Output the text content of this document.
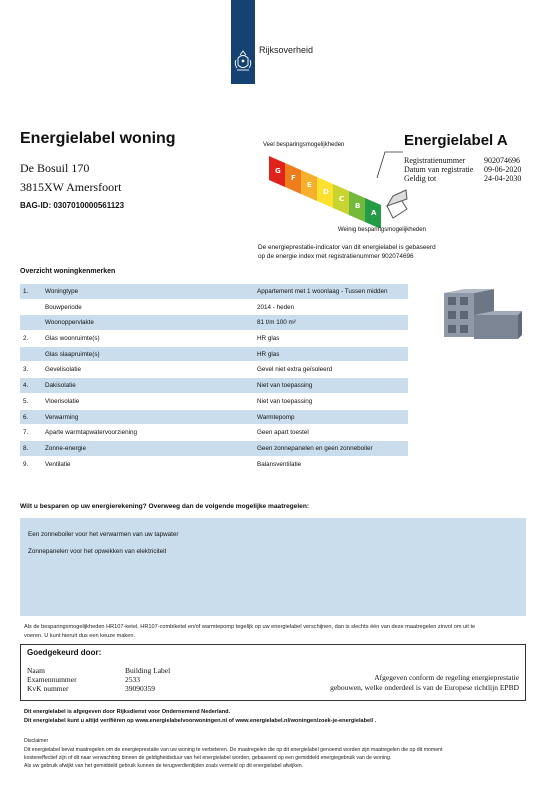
Rijksoverheid
Energielabel woning
De Bosuil 170
3815XW Amersfoort
BAG-ID: 0307010000561123
Veel besparingsmogelijkheden
G
F
E
D
C
B
A
Weinig besparingsmogelijkheden
Energielabel A
Registratienummer 902074696
Datum van registratie 09-06-2020
Geldig tot	24-04-2030
De energieprestatie-indicator van dit energielabel is gebaseerd
op de energie index met registratienummer 902074696
Overzicht woningkenmerken
1.	Woningtype	Appartement met 1 woonlaag - Tussen midden
Bouwperiode	2014 - heden
Woonoppervlakte	81 t/m 100 m²
2.	Glas woonruimte(s)	HR glas
Glas slaapruimte(s)	HR glas
3.	Gevelisolatie	Gevel niet extra geïsoleerd
4.	Dakisolatie	Niet van toepassing
5.	Vloerisolatie	Niet van toepassing
6.	Verwarming	Warmtepomp
7.	Aparte warmtapwatervoorziening	Geen apart toestel
8.	Zonne-energie	Geen zonnepanelen en geen zonneboiler
9.	Ventilatie	Balansventilatie
Wilt u besparen op uw energierekening? Overweeg dan de volgende mogelijke maatregelen:
Een zonneboiler voor het verwarmen van uw tapwater
Zonnepanelen voor het opwekken van elektriciteit
Als de besparingsmogelijkheden HR107-ketel, HR107-combiketel en/of warmtepomp tegelijk op uw energielabel verschijnen, dan is slechts één van deze maatregelen zinvol om uit te
voeren. U kunt hieruit dus een keuze maken.
Goedgekeurd door:
Naam	Building Label
Examennummer	2533
KvK nummer	39090359
Afgegeven conform de regeling energieprestatie
gebouwen, welke onderdeel is van de Europese richtlijn EPBD
Dit energielabel is afgegeven door Rijksdienst voor Ondernemend Nederland.
Dit energielabel kunt u altijd verifiëren op www.energielabelvoorwoningen.nl of www.energielabel.nl/woningen/zoek-je-energielabel/ .
Disclaimer
Dit energielabel bevat maatregelen om de energieprestatie van uw woning te verbeteren. De maatregelen die op dit energielabel genoemd worden zijn maatregelen die op dit moment
kosteneffectief zijn of dit naar verwachting binnen de geldigheidsduur van het energielabel worden, gebaseerd op een gemiddeld energiegebruik van de woning.
Als uw gebruik afwijkt van het gemiddeld gebruik kunnen de terugverdientijden zoals vermeld op dit energielabel afwijken.
